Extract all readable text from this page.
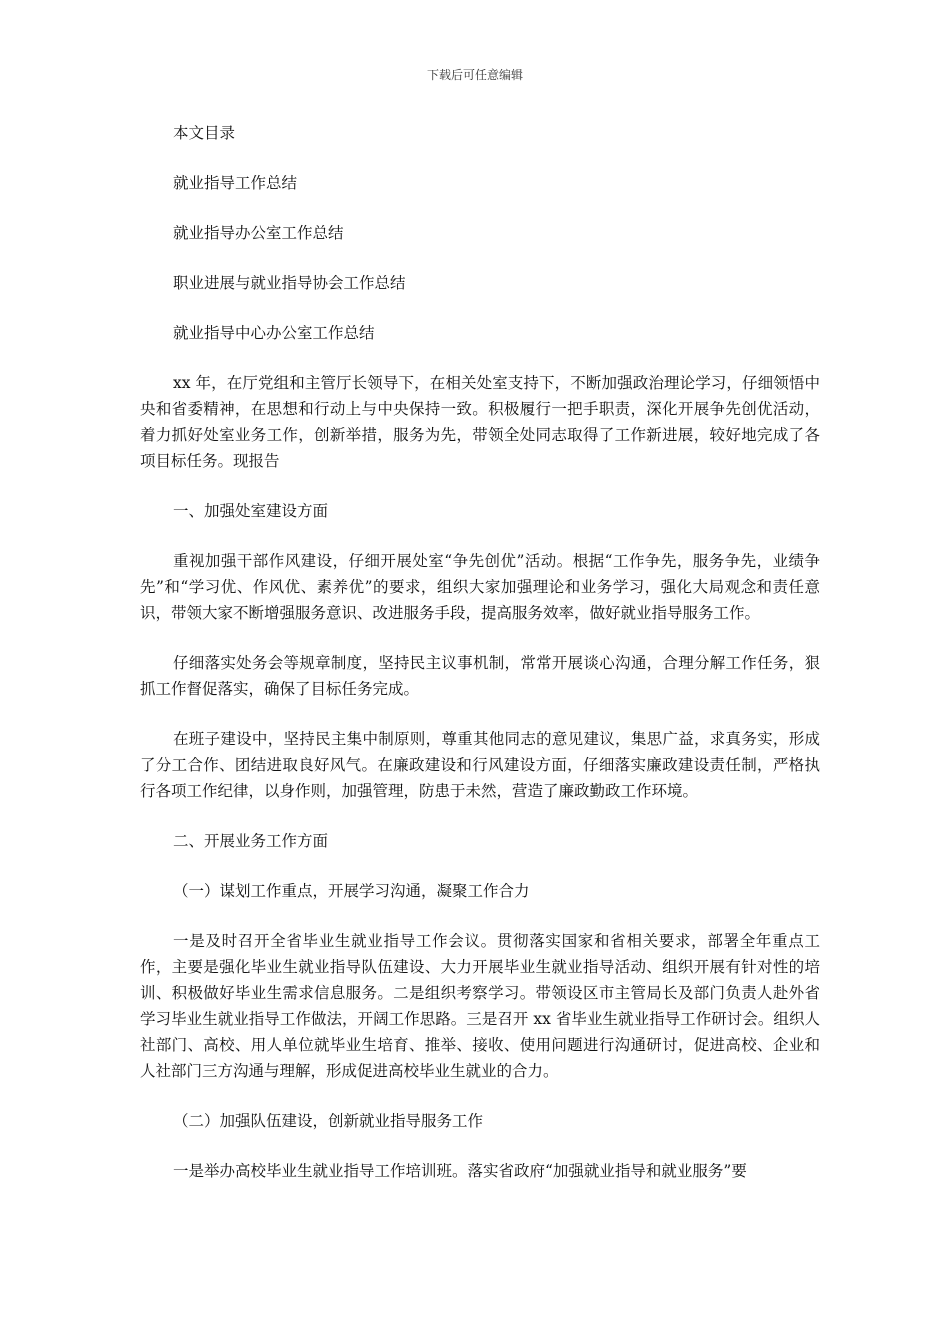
下载后可任意编辑

本文目录

就业指导工作总结

就业指导办公室工作总结

职业进展与就业指导协会工作总结

就业指导中心办公室工作总结

xx 年，在厅党组和主管厅长领导下，在相关处室支持下，不断加强政治理论学习，仔细领悟中央和省委精神，在思想和行动上与中央保持一致。积极履行一把手职责，深化开展争先创优活动，着力抓好处室业务工作，创新举措，服务为先，带领全处同志取得了工作新进展，较好地完成了各项目标任务。现报告

一、加强处室建设方面

重视加强干部作风建设，仔细开展处室“争先创优”活动。根据“工作争先，服务争先，业绩争先”和“学习优、作风优、素养优”的要求，组织大家加强理论和业务学习，强化大局观念和责任意识，带领大家不断增强服务意识、改进服务手段，提高服务效率，做好就业指导服务工作。

仔细落实处务会等规章制度，坚持民主议事机制，常常开展谈心沟通，合理分解工作任务，狠抓工作督促落实，确保了目标任务完成。

在班子建设中，坚持民主集中制原则，尊重其他同志的意见建议，集思广益，求真务实，形成了分工合作、团结进取良好风气。在廉政建设和行风建设方面，仔细落实廉政建设责任制，严格执行各项工作纪律，以身作则，加强管理，防患于未然，营造了廉政勤政工作环境。

二、开展业务工作方面

（一）谋划工作重点，开展学习沟通，凝聚工作合力

一是及时召开全省毕业生就业指导工作会议。贯彻落实国家和省相关要求，部署全年重点工作，主要是强化毕业生就业指导队伍建设、大力开展毕业生就业指导活动、组织开展有针对性的培训、积极做好毕业生需求信息服务。二是组织考察学习。带领设区市主管局长及部门负责人赴外省学习毕业生就业指导工作做法，开阔工作思路。三是召开 xx 省毕业生就业指导工作研讨会。组织人社部门、高校、用人单位就毕业生培育、推举、接收、使用问题进行沟通研讨，促进高校、企业和人社部门三方沟通与理解，形成促进高校毕业生就业的合力。

（二）加强队伍建设，创新就业指导服务工作

一是举办高校毕业生就业指导工作培训班。落实省政府“加强就业指导和就业服务”要
